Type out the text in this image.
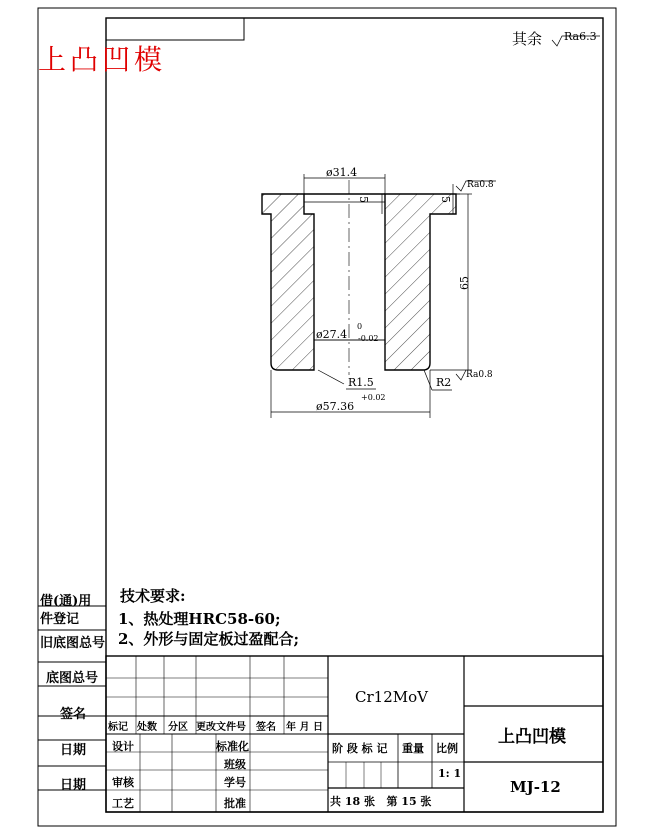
上凸凹模
其余 Ra6.3
ø31.4
5	5
Ra0.8
65
ø27.4
0
-0.02
R1.5	R2
Ra0.8
ø57.36
+0.02
借(通)用
件登记
旧底图总号
底图总号
签名
日期
日期
技术要求:
1、热处理HRC58-60;
2、外形与固定板过盈配合;
Cr12MoV
上凸凹模
MJ-12
标记 处数 分区 更改文件号 签名 年 月 日
设计	标准化
班级
审核	学号
工艺	批准
阶 段 标 记 重量 比例
1: 1
共 18 张   第 15 张
